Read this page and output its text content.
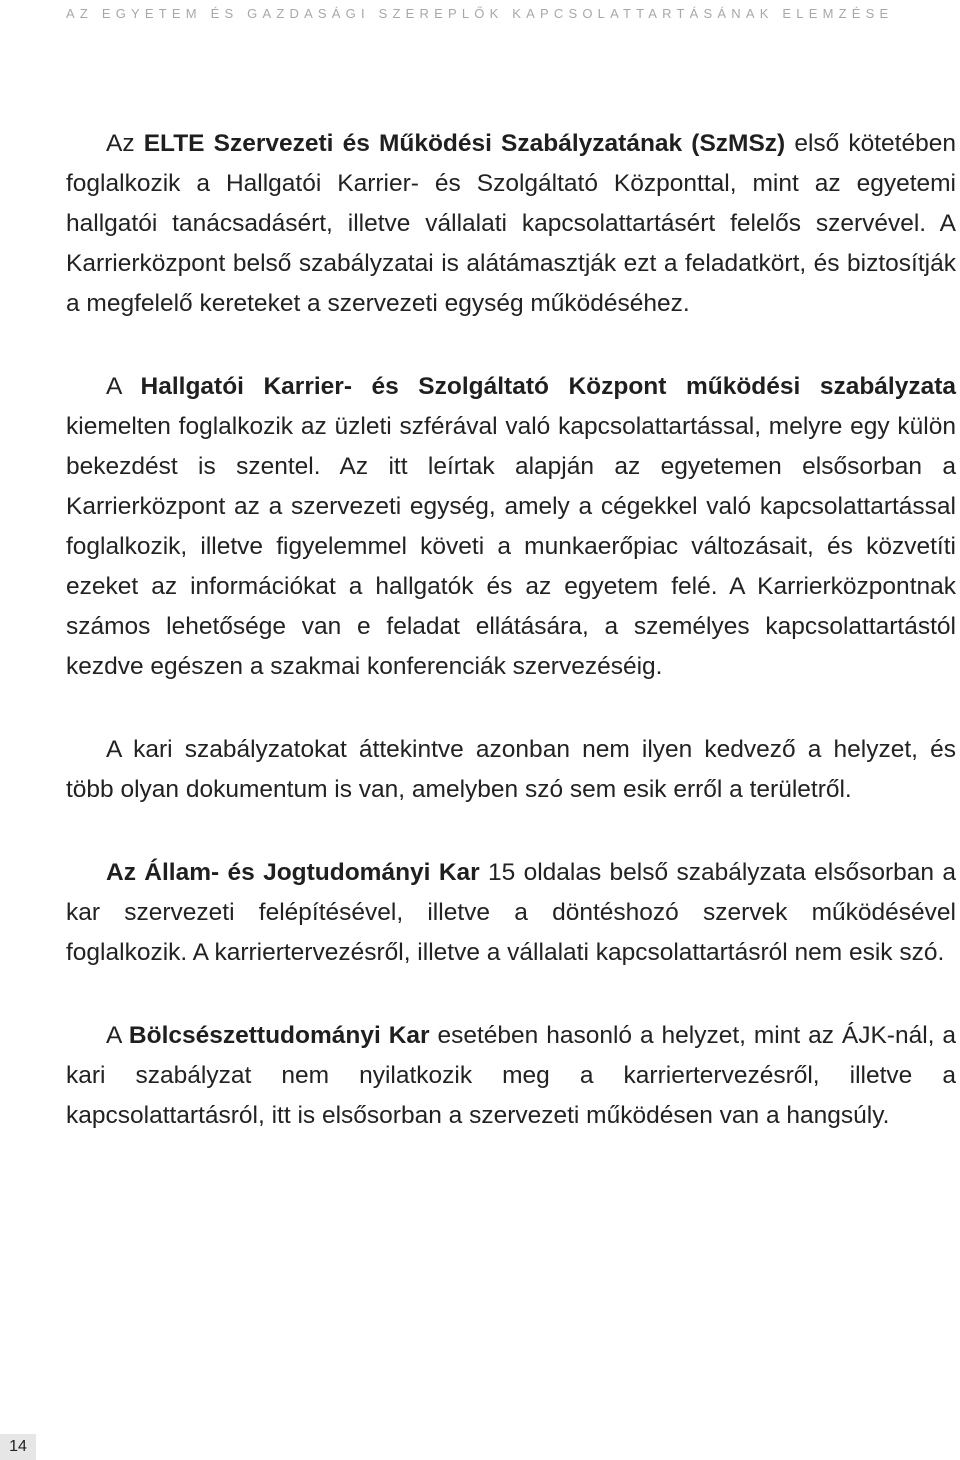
AZ EGYETEM ÉS GAZDASÁGI SZEREPLŐK KAPCSOLATTARTÁSÁNAK ELEMZÉSE

Az ELTE Szervezeti és Működési Szabályzatának (SzMSz) első kötetében foglalkozik a Hallgatói Karrier- és Szolgáltató Központtal, mint az egyetemi hallgatói tanácsadásért, illetve vállalati kapcsolattartásért felelős szervével. A Karrierközpont belső szabályzatai is alátámasztják ezt a feladatkört, és biztosítják a megfelelő kereteket a szervezeti egység működéséhez.

A Hallgatói Karrier- és Szolgáltató Központ működési szabályzata kiemelten foglalkozik az üzleti szférával való kapcsolattartással, melyre egy külön bekezdést is szentel. Az itt leírtak alapján az egyetemen elsősorban a Karrierközpont az a szervezeti egység, amely a cégekkel való kapcsolattartással foglalkozik, illetve figyelemmel követi a munkaerőpiac változásait, és közvetíti ezeket az információkat a hallgatók és az egyetem felé. A Karrierközpontnak számos lehetősége van e feladat ellátására, a személyes kapcsolattartástól kezdve egészen a szakmai konferenciák szervezéséig.

A kari szabályzatokat áttekintve azonban nem ilyen kedvező a helyzet, és több olyan dokumentum is van, amelyben szó sem esik erről a területről.

Az Állam- és Jogtudományi Kar 15 oldalas belső szabályzata elsősorban a kar szervezeti felépítésével, illetve a döntéshozó szervek működésével foglalkozik. A karriertervezésről, illetve a vállalati kapcsolattartásról nem esik szó.

A Bölcsészettudományi Kar esetében hasonló a helyzet, mint az ÁJK-nál, a kari szabályzat nem nyilatkozik meg a karriertervezésről, illetve a kapcsolattartásról, itt is elsősorban a szervezeti működésen van a hangsúly.

14
